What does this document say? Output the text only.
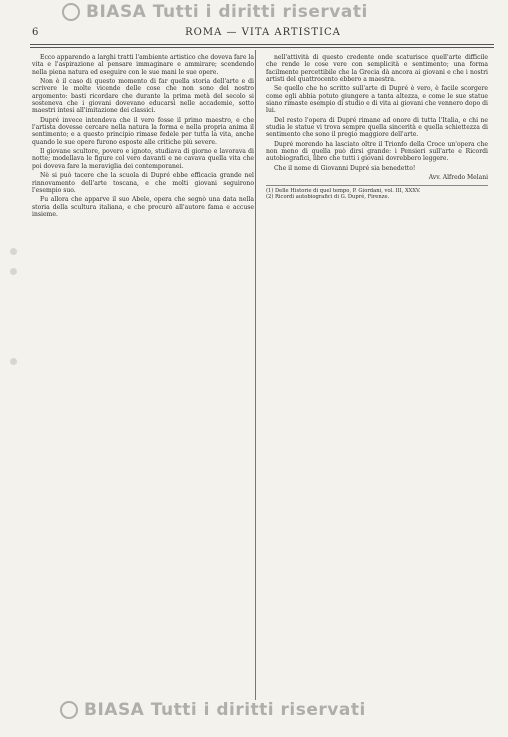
BIASA Tutti i diritti riservati
6	ROMA — VITA ARTISTICA

Ecco apparendo a larghi tratti l'ambiente artistico che doveva fare la vita e l'aspirazione al pensare immaginare e ammirare; scendendo nella piena natura ed eseguire con le sue mani le sue opere.

Non è il caso di questo momento di far quella storia dell'arte e di scrivere le molte vicende delle cose che non sono del nostro argomento: basti ricordare che durante la prima metà del secolo si sosteneva che i giovani dovevano educarsi nelle accademie, sotto maestri intesi all'imitazione dei classici.

Dupré invece intendeva che il vero fosse il primo maestro, e che l'artista dovesse cercare nella natura la forma e nella propria anima il sentimento; e a questo principio rimase fedele per tutta la vita, anche quando le sue opere furono esposte alle critiche più severe.

Il giovane scultore, povero e ignoto, studiava di giorno e lavorava di notte; modellava le figure col vero davanti e ne cavava quella vita che poi doveva fare la meraviglia dei contemporanei.

Nè si può tacere che la scuola di Dupré ebbe efficacia grande nel rinnovamento dell'arte toscana, e che molti giovani seguirono l'esempio suo.

Fu allora che apparve il suo Abele, opera che segnò una data nella storia della scultura italiana, e che procurò all'autore fama e accuse insieme.

nell'attività di questo credente onde scaturisce quell'arte difficile che rende le cose vere con semplicità e sentimento; una forma facilmente percettibile che la Grecia dà ancora ai giovani e che i nostri artisti del quattrocento ebbero a maestra.

Se quello che ho scritto sull'arte di Dupré è vero, è facile scorgere come egli abbia potuto giungere a tanta altezza, e come le sue statue siano rimaste esempio di studio e di vita ai giovani che vennero dopo di lui.

Del resto l'opera di Dupré rimane ad onore di tutta l'Italia, e chi ne studia le statue vi trova sempre quella sincerità e quella schiettezza di sentimento che sono il pregio maggiore dell'arte.

Dupré morendo ha lasciato oltre il Trionfo della Croce un'opera che non meno di quella può dirsi grande: i Pensieri sull'arte e Ricordi autobiografici, libro che tutti i giovani dovrebbero leggere.

Che il nome di Giovanni Dupré sia benedetto!

Avv. Alfredo Melani
(1) Delle Historie di quel tempo, P. Giordani, vol. III, XXXV.
(2) Ricordi autobiografici di G. Dupré, Firenze.
BIASA Tutti i diritti riservati
